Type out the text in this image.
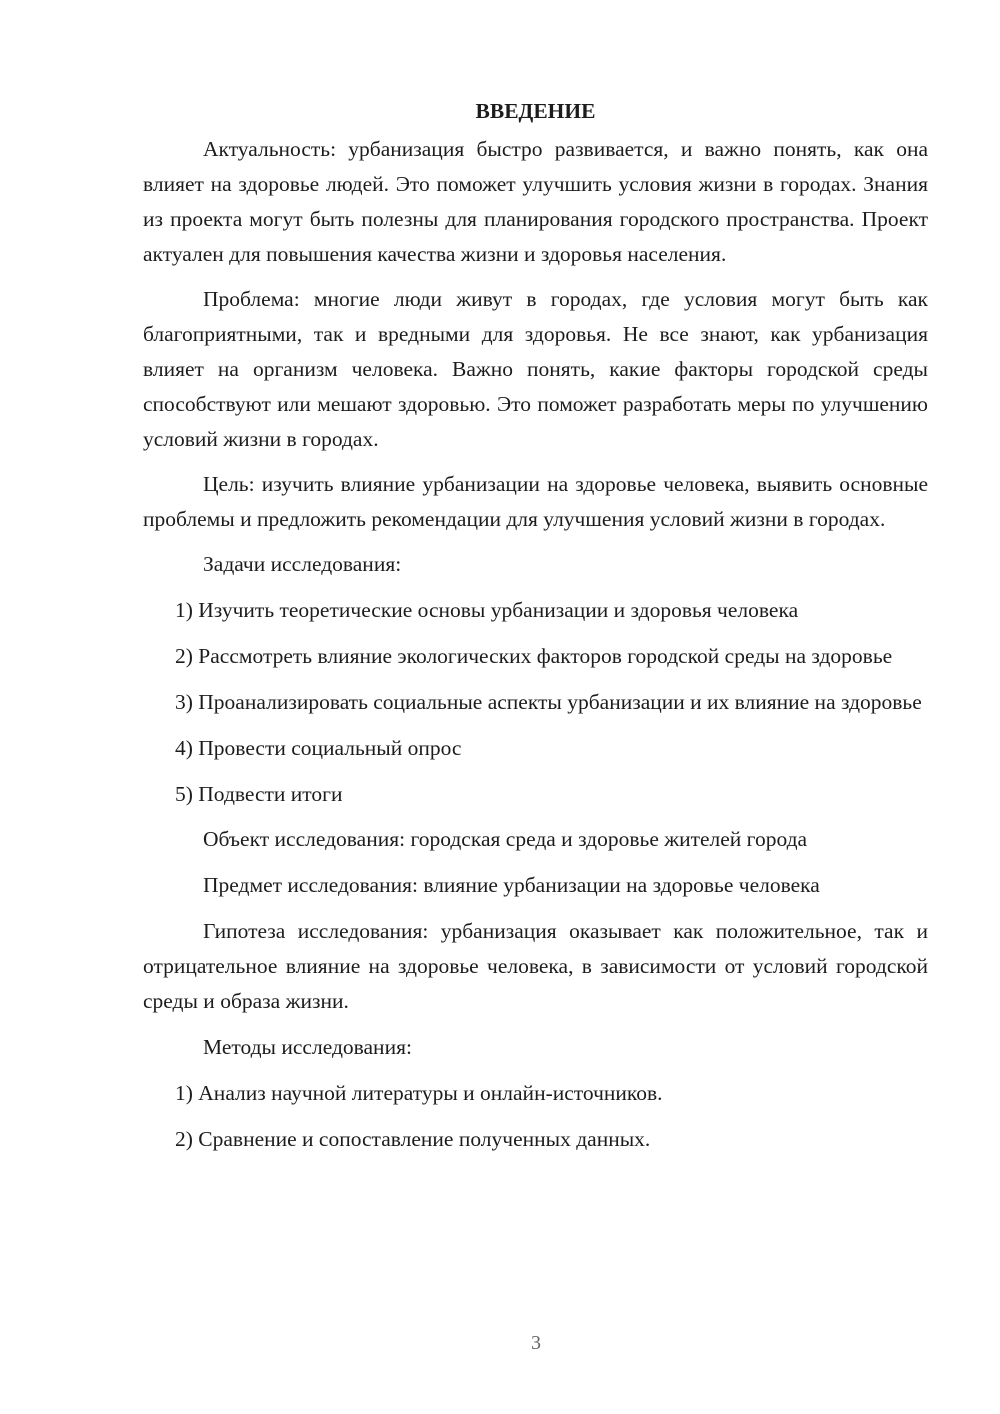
ВВЕДЕНИЕ

Актуальность: урбанизация быстро развивается, и важно понять, как она влияет на здоровье людей. Это поможет улучшить условия жизни в городах. Знания из проекта могут быть полезны для планирования городского пространства. Проект актуален для повышения качества жизни и здоровья населения.

Проблема: многие люди живут в городах, где условия могут быть как благоприятными, так и вредными для здоровья. Не все знают, как урбанизация влияет на организм человека. Важно понять, какие факторы городской среды способствуют или мешают здоровью. Это поможет разработать меры по улучшению условий жизни в городах.

Цель: изучить влияние урбанизации на здоровье человека, выявить основные проблемы и предложить рекомендации для улучшения условий жизни в городах.

Задачи исследования:

1) Изучить теоретические основы урбанизации и здоровья человека

2) Рассмотреть влияние экологических факторов городской среды на здоровье

3) Проанализировать социальные аспекты урбанизации и их влияние на здоровье

4) Провести социальный опрос

5) Подвести итоги

Объект исследования: городская среда и здоровье жителей города

Предмет исследования: влияние урбанизации на здоровье человека

Гипотеза исследования: урбанизация оказывает как положительное, так и отрицательное влияние на здоровье человека, в зависимости от условий городской среды и образа жизни.

Методы исследования:

1) Анализ научной литературы и онлайн-источников.

2) Сравнение и сопоставление полученных данных.

3
